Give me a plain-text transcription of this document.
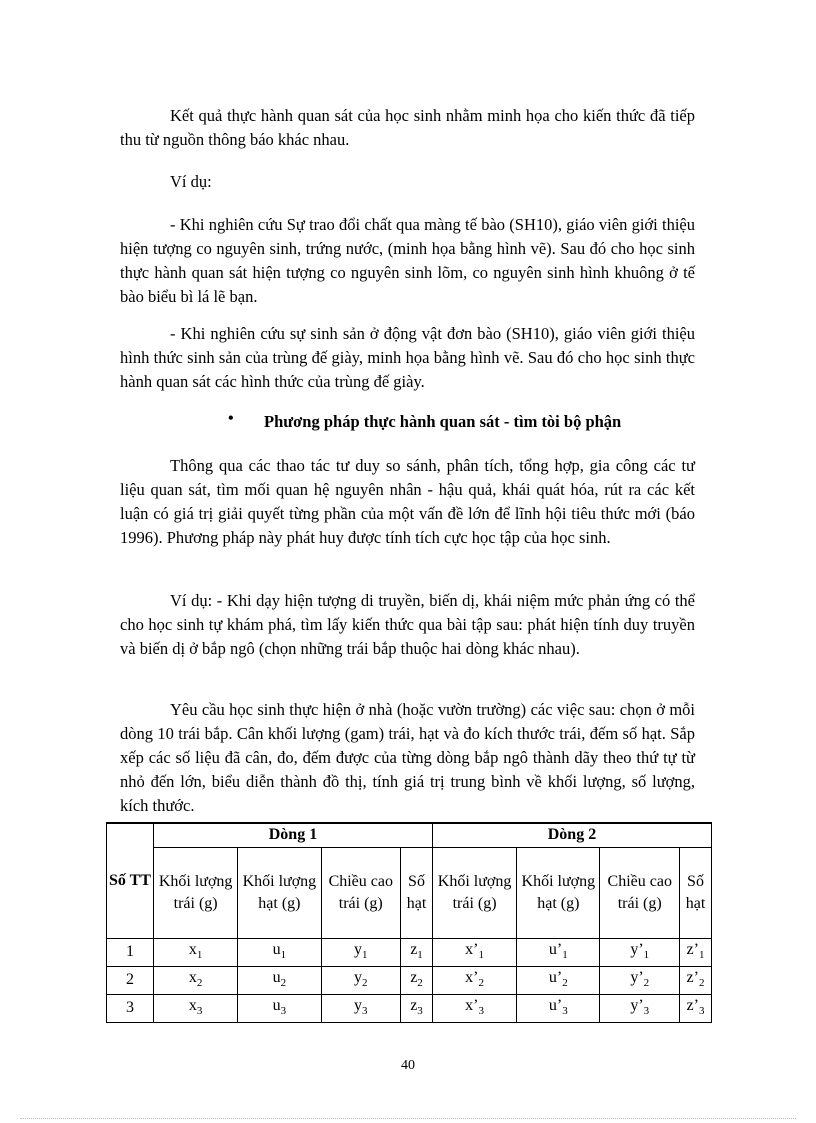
Kết quả thực hành quan sát của học sinh nhằm minh họa cho kiến thức đã tiếp thu từ nguồn thông báo khác nhau.

Ví dụ:

- Khi nghiên cứu Sự trao đổi chất qua màng tế bào (SH10), giáo viên giới thiệu hiện tượng co nguyên sinh, trứng nước, (minh họa bằng hình vẽ). Sau đó cho học sinh thực hành quan sát hiện tượng co nguyên sinh lõm, co nguyên sinh hình khuông ở tế bào biểu bì lá lẽ bạn.

- Khi nghiên cứu sự sinh sản ở động vật đơn bào (SH10), giáo viên giới thiệu hình thức sinh sản của trùng đế giày, minh họa bằng hình vẽ. Sau đó cho học sinh thực hành quan sát các hình thức của trùng đế giày.

• Phương pháp thực hành quan sát - tìm tòi bộ phận

Thông qua các thao tác tư duy so sánh, phân tích, tổng hợp, gia công các tư liệu quan sát, tìm mối quan hệ nguyên nhân - hậu quả, khái quát hóa, rút ra các kết luận có giá trị giải quyết từng phần của một vấn đề lớn để lĩnh hội tiêu thức mới (báo 1996). Phương pháp này phát huy được tính tích cực học tập của học sinh.

Ví dụ: - Khi dạy hiện tượng di truyền, biến dị, khái niệm mức phản ứng có thể cho học sinh tự khám phá, tìm lấy kiến thức qua bài tập sau: phát hiện tính duy truyền và biến dị ở bắp ngô (chọn những trái bắp thuộc hai dòng khác nhau).

Yêu cầu học sinh thực hiện ở nhà (hoặc vườn trường) các việc sau: chọn ở mỗi dòng 10 trái bắp. Cân khối lượng (gam) trái, hạt và đo kích thước trái, đếm số hạt. Sắp xếp các số liệu đã cân, đo, đếm được của từng dòng bắp ngô thành dãy theo thứ tự từ nhỏ đến lớn, biểu diễn thành đồ thị, tính giá trị trung bình về khối lượng, số lượng, kích thước.

Số TT	Dòng 1				Dòng 2			
	Khối lượng trái (g)	Khối lượng hạt (g)	Chiều cao trái (g)	Số hạt	Khối lượng trái (g)	Khối lượng hạt (g)	Chiều cao trái (g)	Số hạt
1	$x_1$	$u_1$	$y_1$	$z_1$	$x’_1$	$u’_1$	$y’_1$	$z’_1$
2	$x_2$	$u_2$	$y_2$	$z_2$	$x’_2$	$u’_2$	$y’_2$	$z’_2$
3	$x_3$	$u_3$	$y_3$	$z_3$	$x’_3$	$u’_3$	$y’_3$	$z’_3$
40
